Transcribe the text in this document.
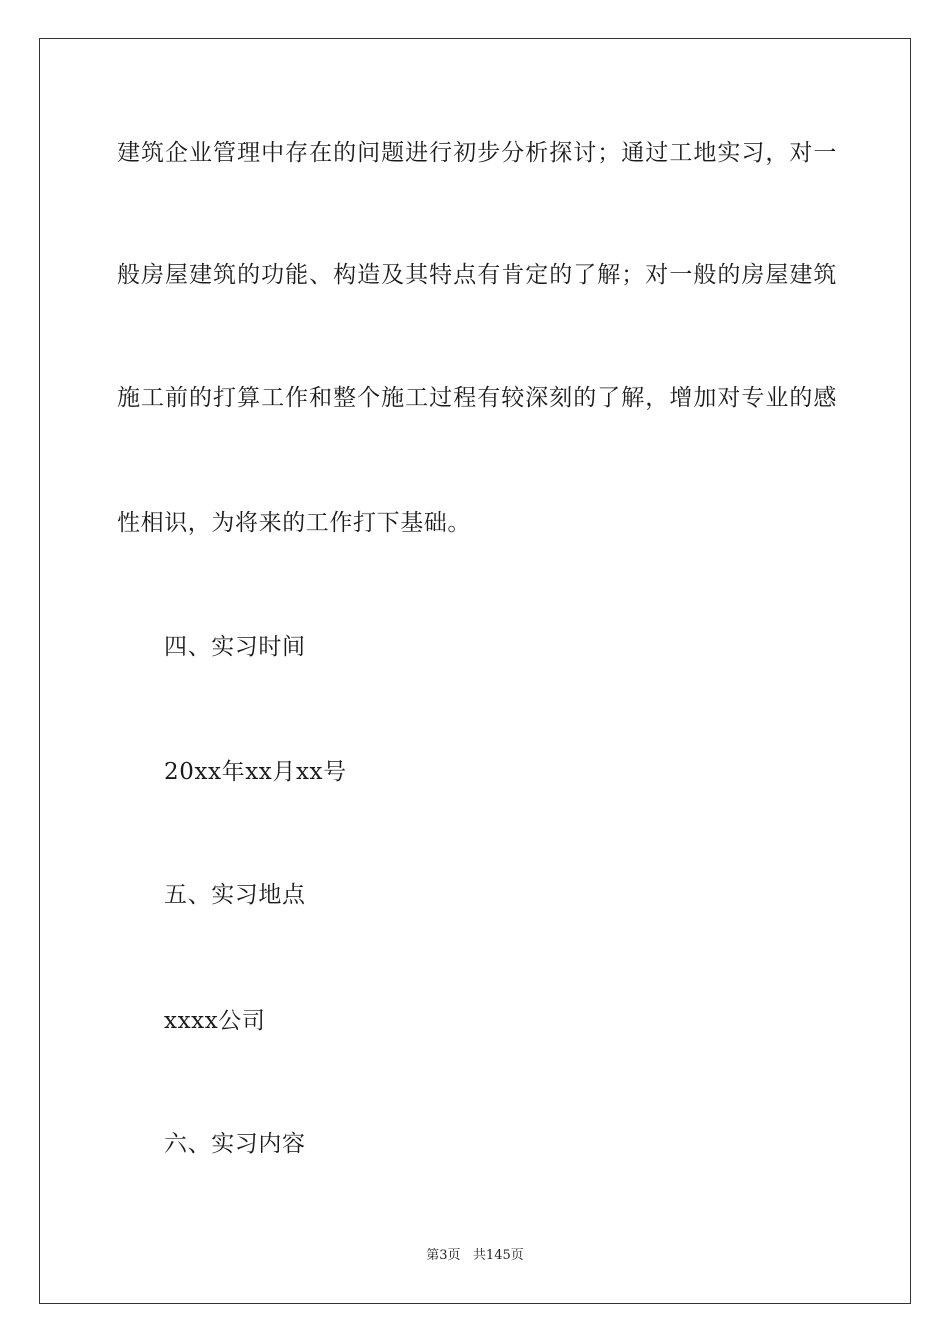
建筑企业管理中存在的问题进行初步分析探讨；通过工地实习，对一
般房屋建筑的功能、构造及其特点有肯定的了解；对一般的房屋建筑
施工前的打算工作和整个施工过程有较深刻的了解，增加对专业的感
性相识，为将来的工作打下基础。
四、实习时间
20xx年xx月xx号
五、实习地点
xxxx公司
六、实习内容
第3页   共145页
